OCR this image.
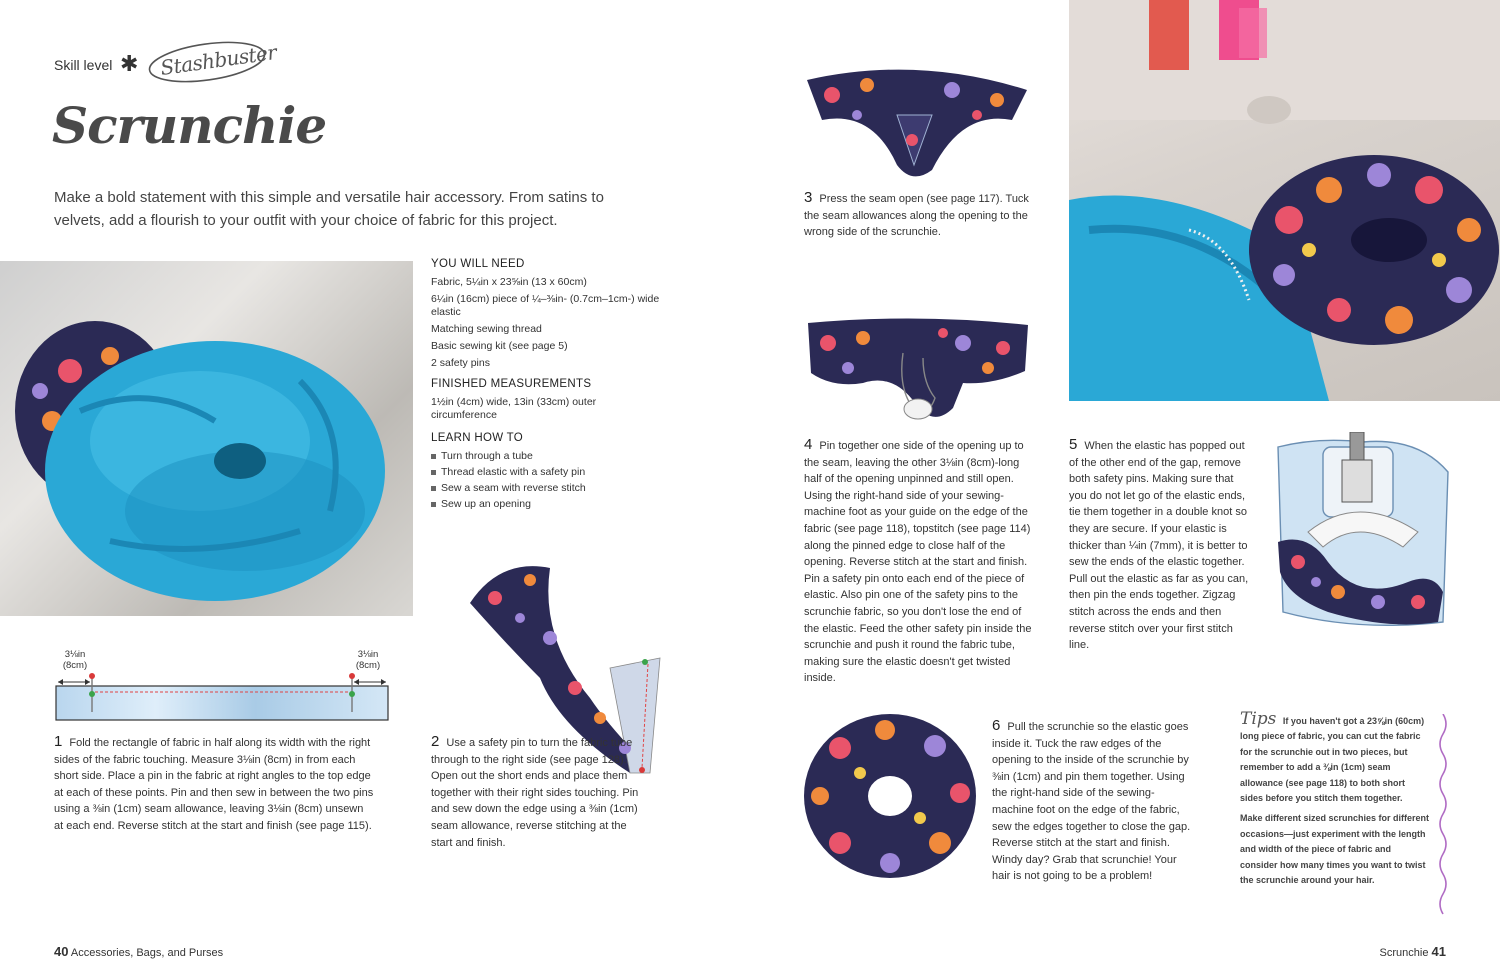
Skill level ✱ Stashbuster
Scrunchie

Make a bold statement with this simple and versatile hair accessory. From satins to velvets, add a flourish to your outfit with your choice of fabric for this project.

YOU WILL NEED

Fabric, 5¼in x 23⅝in (13 x 60cm)

6¼in (16cm) piece of ¼–⅜in- (0.7cm–1cm-) wide elastic

Matching sewing thread

Basic sewing kit (see page 5)

2 safety pins

FINISHED MEASUREMENTS

1½in (4cm) wide, 13in (33cm) outer circumference

LEARN HOW TO
Turn through a tube
Thread elastic with a safety pin
Sew a seam with reverse stitch
Sew up an opening
3⅛in
(8cm)
3⅛in
(8cm)

1 Fold the rectangle of fabric in half along its width with the right sides of the fabric touching. Measure 3⅛in (8cm) in from each short side. Place a pin in the fabric at right angles to the top edge at each of these points. Pin and then sew in between the two pins using a ⅜in (1cm) seam allowance, leaving 3⅛in (8cm) unsewn at each end. Reverse stitch at the start and finish (see page 115).

2 Use a safety pin to turn the fabric tube through to the right side (see page 128). Open out the short ends and place them together with their right sides touching. Pin and sew down the edge using a ⅜in (1cm) seam allowance, reverse stitching at the start and finish.

3 Press the seam open (see page 117). Tuck the seam allowances along the opening to the wrong side of the scrunchie.

4 Pin together one side of the opening up to the seam, leaving the other 3⅛in (8cm)-long half of the opening unpinned and still open. Using the right-hand side of your sewing-machine foot as your guide on the edge of the fabric (see page 118), topstitch (see page 114) along the pinned edge to close half of the opening. Reverse stitch at the start and finish. Pin a safety pin onto each end of the piece of elastic. Also pin one of the safety pins to the scrunchie fabric, so you don't lose the end of the elastic. Feed the other safety pin inside the scrunchie and push it round the fabric tube, making sure the elastic doesn't get twisted inside.

5 When the elastic has popped out of the other end of the gap, remove both safety pins. Making sure that you do not let go of the elastic ends, tie them together in a double knot so they are secure. If your elastic is thicker than ¼in (7mm), it is better to sew the ends of the elastic together. Pull out the elastic as far as you can, then pin the ends together. Zigzag stitch across the ends and then reverse stitch over your first stitch line.

6 Pull the scrunchie so the elastic goes inside it. Tuck the raw edges of the opening to the inside of the scrunchie by ⅜in (1cm) and pin them together. Using the right-hand side of the sewing-machine foot on the edge of the fabric, sew the edges together to close the gap. Reverse stitch at the start and finish. Windy day? Grab that scrunchie! Your hair is not going to be a problem!

Tips If you haven't got a 23⅝in (60cm) long piece of fabric, you can cut the fabric for the scrunchie out in two pieces, but remember to add a ⅜in (1cm) seam allowance (see page 118) to both short sides before you stitch them together.

Make different sized scrunchies for different occasions—just experiment with the length and width of the piece of fabric and consider how many times you want to twist the scrunchie around your hair.

40 Accessories, Bags, and Purses	Scrunchie 41
